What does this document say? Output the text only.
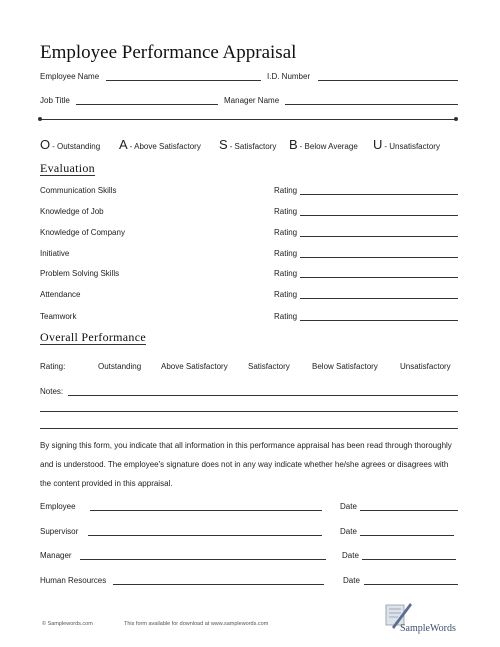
Employee Performance Appraisal
Employee Name	I.D. Number
Job Title	Manager Name
O - Outstanding A - Above Satisfactory S - Satisfactory B - Below Average U - Unsatisfactory
Evaluation
Communication Skills	Rating
Knowledge of Job	Rating
Knowledge of Company	Rating
Initiative	Rating
Problem Solving Skills	Rating
Attendance	Rating
Teamwork	Rating
Overall Performance
Rating:	Outstanding Above Satisfactory	Satisfactory	Below Satisfactory	Unsatisfactory
Notes:
By signing this form, you indicate that all information in this performance appraisal has been read through thoroughly and is understood. The employee's signature does not in any way indicate whether he/she agrees or disagrees with the content provided in this appraisal.
Employee	Date
Supervisor	Date
Manager	Date
Human Resources	Date
© Samplewords.com	This form available for download at www.samplewords.com	SampleWords
